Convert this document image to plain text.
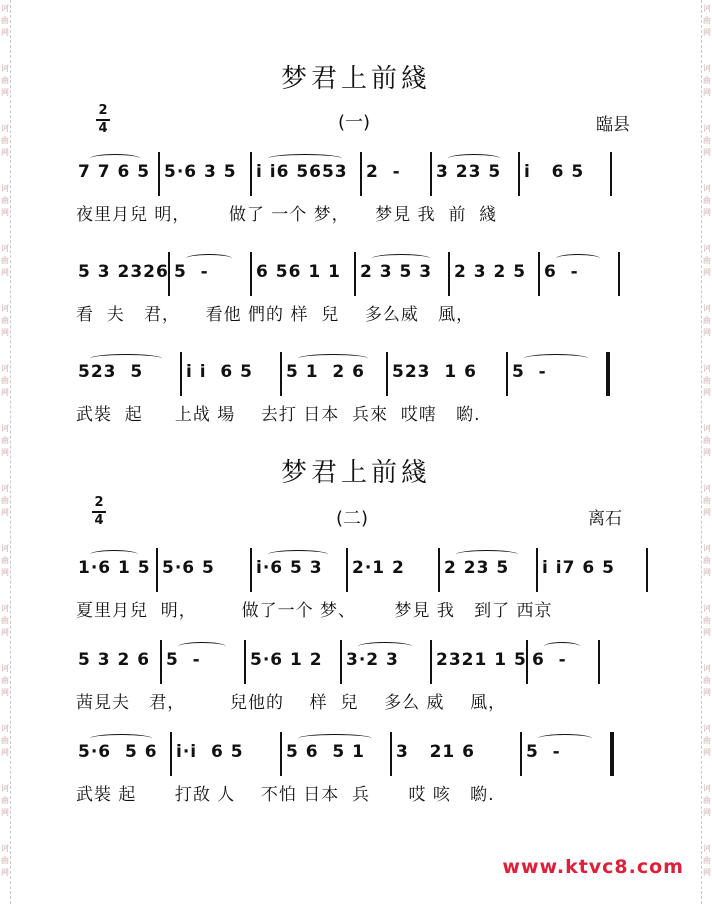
诃
曲
网
诃
曲
网
诃
曲
网
诃
曲
网
诃
曲
网
诃
曲
网
诃
曲
网
诃
曲
网
诃
曲
网
诃
曲
网
诃
曲
网
诃
曲
网
诃
曲
网
诃
曲
网
诃
曲
网
诃
曲
网
诃
曲
网
诃
曲
网
诃
曲
网
诃
曲
网
诃
曲
网
诃
曲
网
诃
曲
网
诃
曲
网
诃
曲
网
诃
曲
网
诃
曲
网
诃
曲
网
诃
曲
网
诃
曲
网
梦君上前綫
2
4	(一)	臨县
7 7 6 5 5·6 3 5 i i6 5653 2  - 3 23 5 i   6 5
夜里月兒 明，      做了 一个 梦，    梦見 我  前  綫
5 3 2326 5  -	6 56 1 1 2 3 5 3 2 3 2 5 6  -
看  夫   君，    看他 們的 样  兒    多么威   風，
523  5	i i  6 5 5 1  2 6 523  1 6 5  -
武裝  起     上战 場    去打 日本  兵來  哎嗐   喲.
梦君上前綫
2
4	(二)	离石
1·6 1 5 5·6 5 i·6 5 3 2·1 2 2 23 5 i i7 6 5
夏里月兒  明，       做了一个 梦、      梦見 我   到了 西京
5 3 2 6 5  -	5·6 1 2 3·2 3 2321 1 5 6  -
茜見夫   君，       兒他的    样  兒    多么 威    風，
5·6  5 6 i·i  6 5 5 6  5 1 3   21 6	5  -
武裝 起      打敌 人    不怕 日本  兵      哎 咳   喲.
www.ktvc8.com
